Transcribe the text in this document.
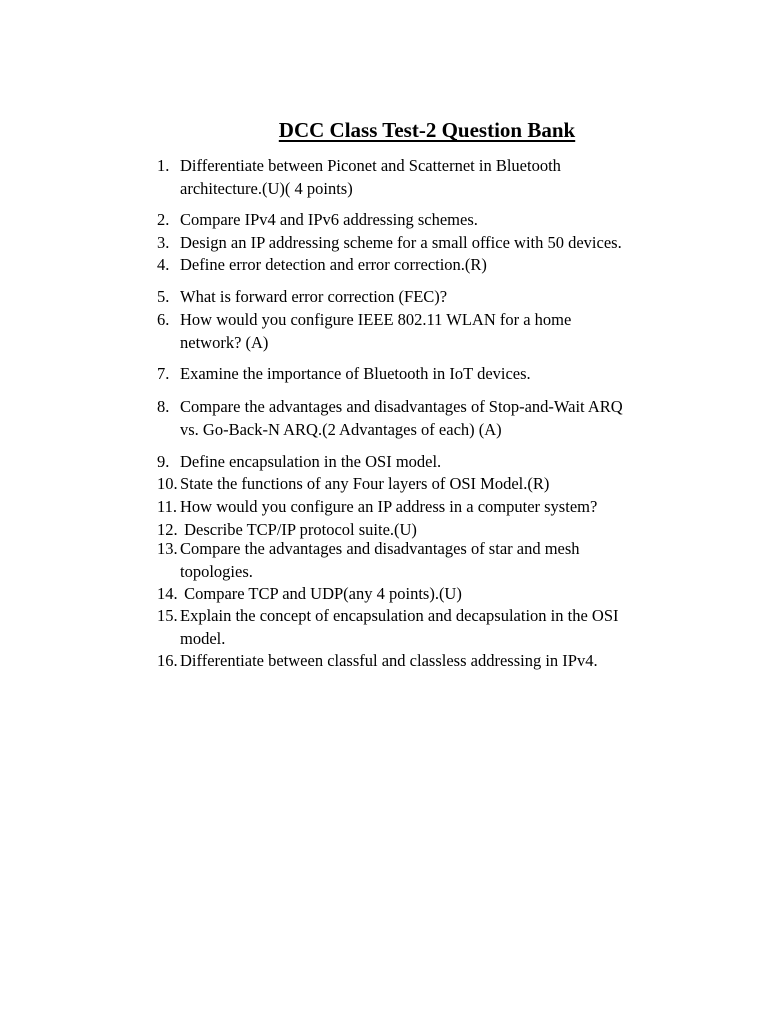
DCC Class Test-2 Question Bank
1. Differentiate between Piconet and Scatternet in Bluetooth
architecture.(U)( 4 points)
2. Compare IPv4 and IPv6 addressing schemes.
3. Design an IP addressing scheme for a small office with 50 devices.
4. Define error detection and error correction.(R)
5. What is forward error correction (FEC)?
6. How would you configure IEEE 802.11 WLAN for a home
network? (A)
7. Examine the importance of Bluetooth in IoT devices.
8. Compare the advantages and disadvantages of Stop-and-Wait ARQ
vs. Go-Back-N ARQ.(2 Advantages of each) (A)
9. Define encapsulation in the OSI model.
10. State the functions of any Four layers of OSI Model.(R)
11. How would you configure an IP address in a computer system?
12. Describe TCP/IP protocol suite.(U)
13. Compare the advantages and disadvantages of star and mesh
topologies.
14. Compare TCP and UDP(any 4 points).(U)
15. Explain the concept of encapsulation and decapsulation in the OSI
model.
16. Differentiate between classful and classless addressing in IPv4.
